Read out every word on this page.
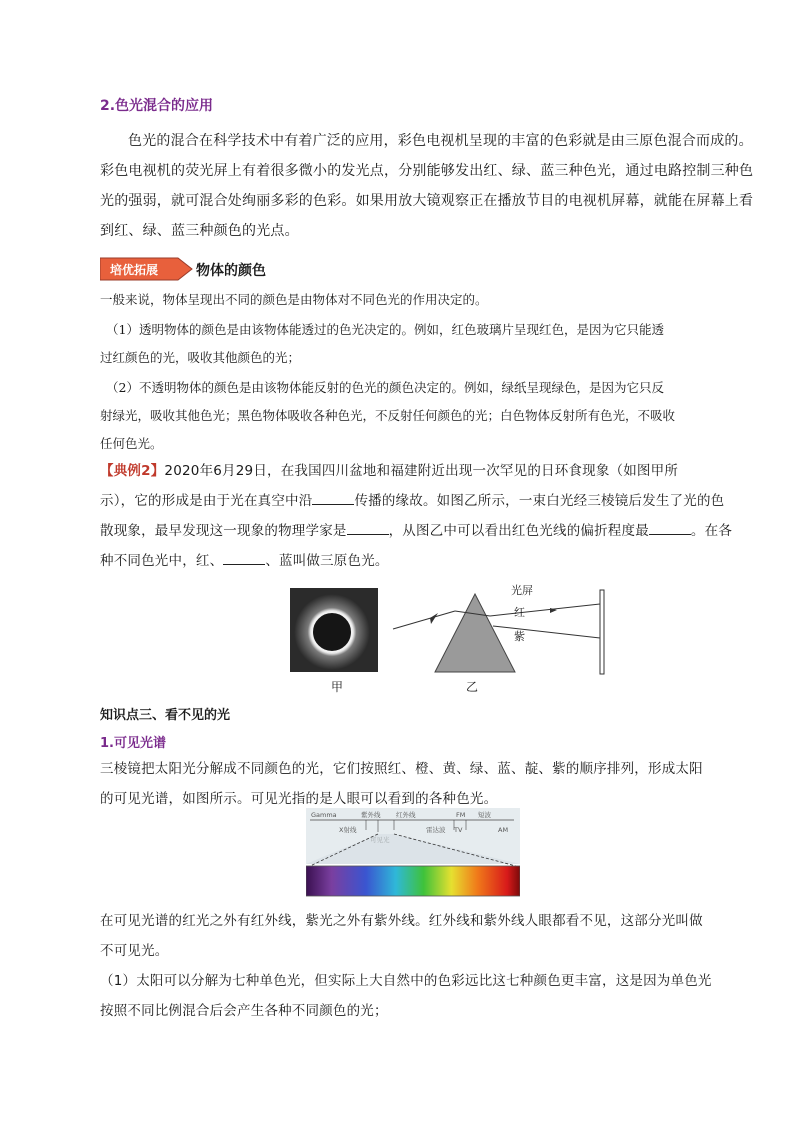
2.色光混合的应用
色光的混合在科学技术中有着广泛的应用，彩色电视机呈现的丰富的色彩就是由三原色混合而成的。
彩色电视机的荧光屏上有着很多微小的发光点，分别能够发出红、绿、蓝三种色光，通过电路控制三种色
光的强弱，就可混合处绚丽多彩的色彩。如果用放大镜观察正在播放节目的电视机屏幕，就能在屏幕上看
到红、绿、蓝三种颜色的光点。
培优拓展	物体的颜色
一般来说，物体呈现出不同的颜色是由物体对不同色光的作用决定的。
（1）透明物体的颜色是由该物体能透过的色光决定的。例如，红色玻璃片呈现红色，是因为它只能透
过红颜色的光，吸收其他颜色的光；
（2）不透明物体的颜色是由该物体能反射的色光的颜色决定的。例如，绿纸呈现绿色，是因为它只反
射绿光，吸收其他色光；黑色物体吸收各种色光，不反射任何颜色的光；白色物体反射所有色光，不吸收
任何色光。
【典例2】2020年6月29日，在我国四川盆地和福建附近出现一次罕见的日环食现象（如图甲所
示），它的形成是由于光在真空中沿	传播的缘故。如图乙所示，一束白光经三棱镜后发生了光的色
散现象，最早发现这一现象的物理学家是	，从图乙中可以看出红色光线的偏折程度最	。在各
种不同色光中，红、	、蓝叫做三原色光。
甲	乙
光屏
红
紫
知识点三、看不见的光
1.可见光谱
三棱镜把太阳光分解成不同颜色的光，它们按照红、橙、黄、绿、蓝、靛、紫的顺序排列，形成太阳
的可见光谱，如图所示。可见光指的是人眼可以看到的各种色光。
Gamma	紫外线 红外线	FM 短波
X射线	雷达波 TV	AM
在可见光谱的红光之外有红外线，紫光之外有紫外线。红外线和紫外线人眼都看不见，这部分光叫做
不可见光。
（1）太阳可以分解为七种单色光，但实际上大自然中的色彩远比这七种颜色更丰富，这是因为单色光
按照不同比例混合后会产生各种不同颜色的光；
